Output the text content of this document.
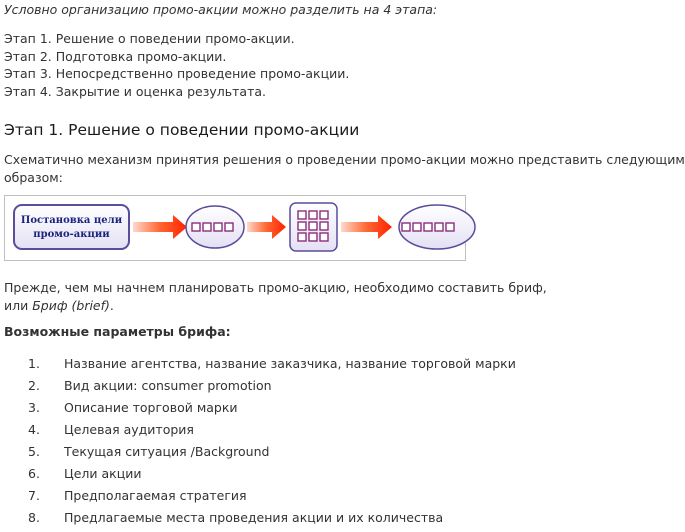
Условно организацию промо-акции можно разделить на 4 этапа:
Этап 1. Решение о поведении промо-акции.
Этап 2. Подготовка промо-акции.
Этап 3. Непосредственно проведение промо-акции.
Этап 4. Закрытие и оценка результата.
Этап 1. Решение о поведении промо-акции
Схематично механизм принятия решения о проведении промо-акции можно представить следующим
образом:
Постановка цели
промо-акции
Прежде, чем мы начнем планировать промо-акцию, необходимо составить бриф,
или Бриф (brief).
Возможные параметры брифа:
1.	Название агентства, название заказчика, название торговой марки
2.	Вид акции: consumer promotion
3.	Описание торговой марки
4.	Целевая аудитория
5.	Текущая ситуация /Background
6.	Цели акции
7.	Предполагаемая стратегия
8.	Предлагаемые места проведения акции и их количества
